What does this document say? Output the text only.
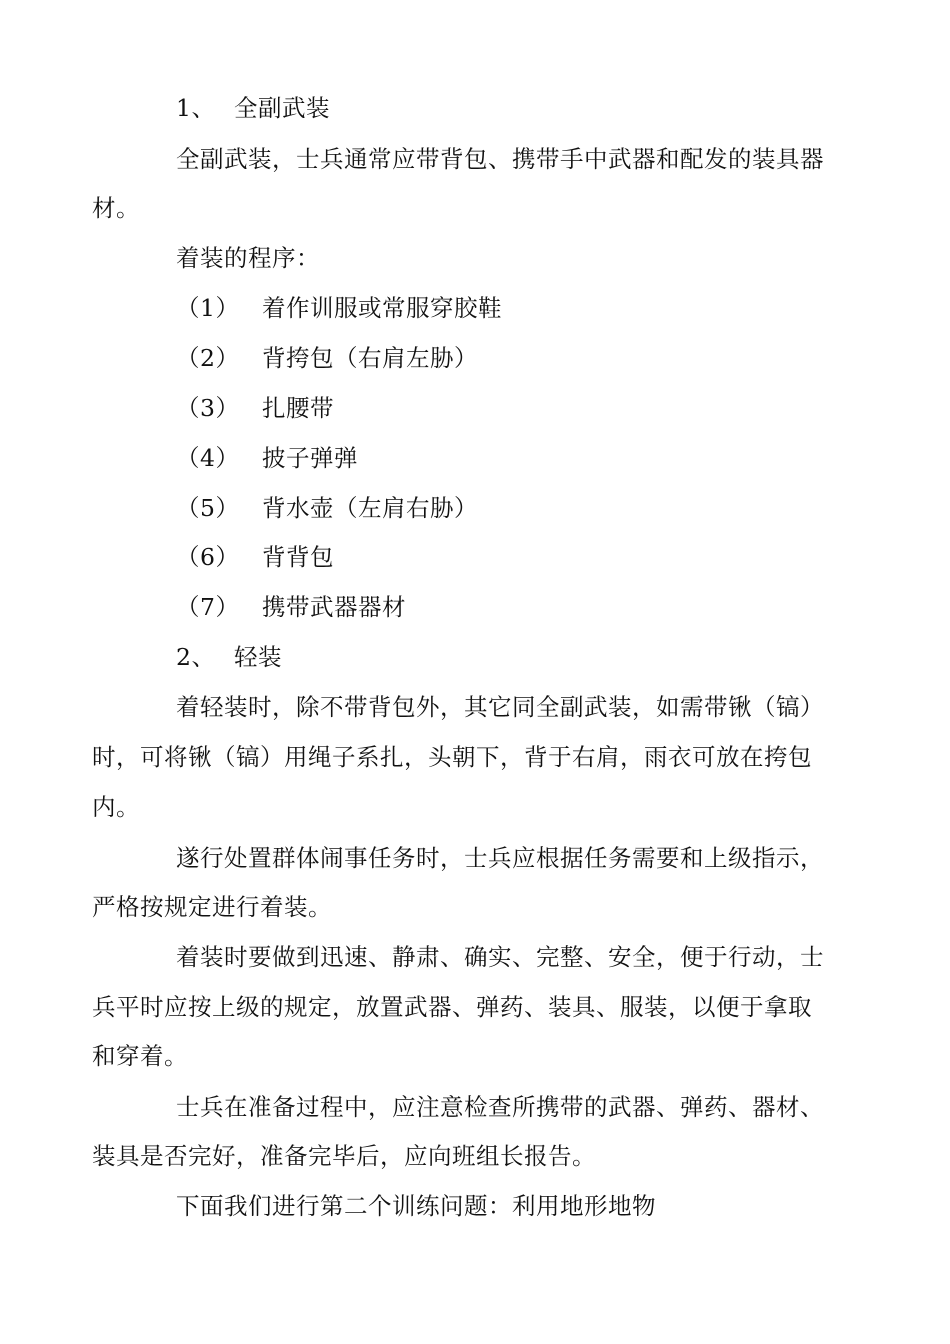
1、 全副武装
全副武装，士兵通常应带背包、携带手中武器和配发的装具器
材。
着装的程序：
（1） 着作训服或常服穿胶鞋
（2） 背挎包（右肩左胁）
（3） 扎腰带
（4） 披子弹弹
（5） 背水壶（左肩右胁）
（6） 背背包
（7） 携带武器器材
2、 轻装
着轻装时，除不带背包外，其它同全副武装，如需带锹（镐）
时，可将锹（镐）用绳子系扎，头朝下，背于右肩，雨衣可放在挎包
内。
遂行处置群体闹事任务时，士兵应根据任务需要和上级指示，
严格按规定进行着装。
着装时要做到迅速、静肃、确实、完整、安全，便于行动，士
兵平时应按上级的规定，放置武器、弹药、装具、服装，以便于拿取
和穿着。
士兵在准备过程中，应注意检查所携带的武器、弹药、器材、
装具是否完好，准备完毕后，应向班组长报告。
下面我们进行第二个训练问题：利用地形地物
